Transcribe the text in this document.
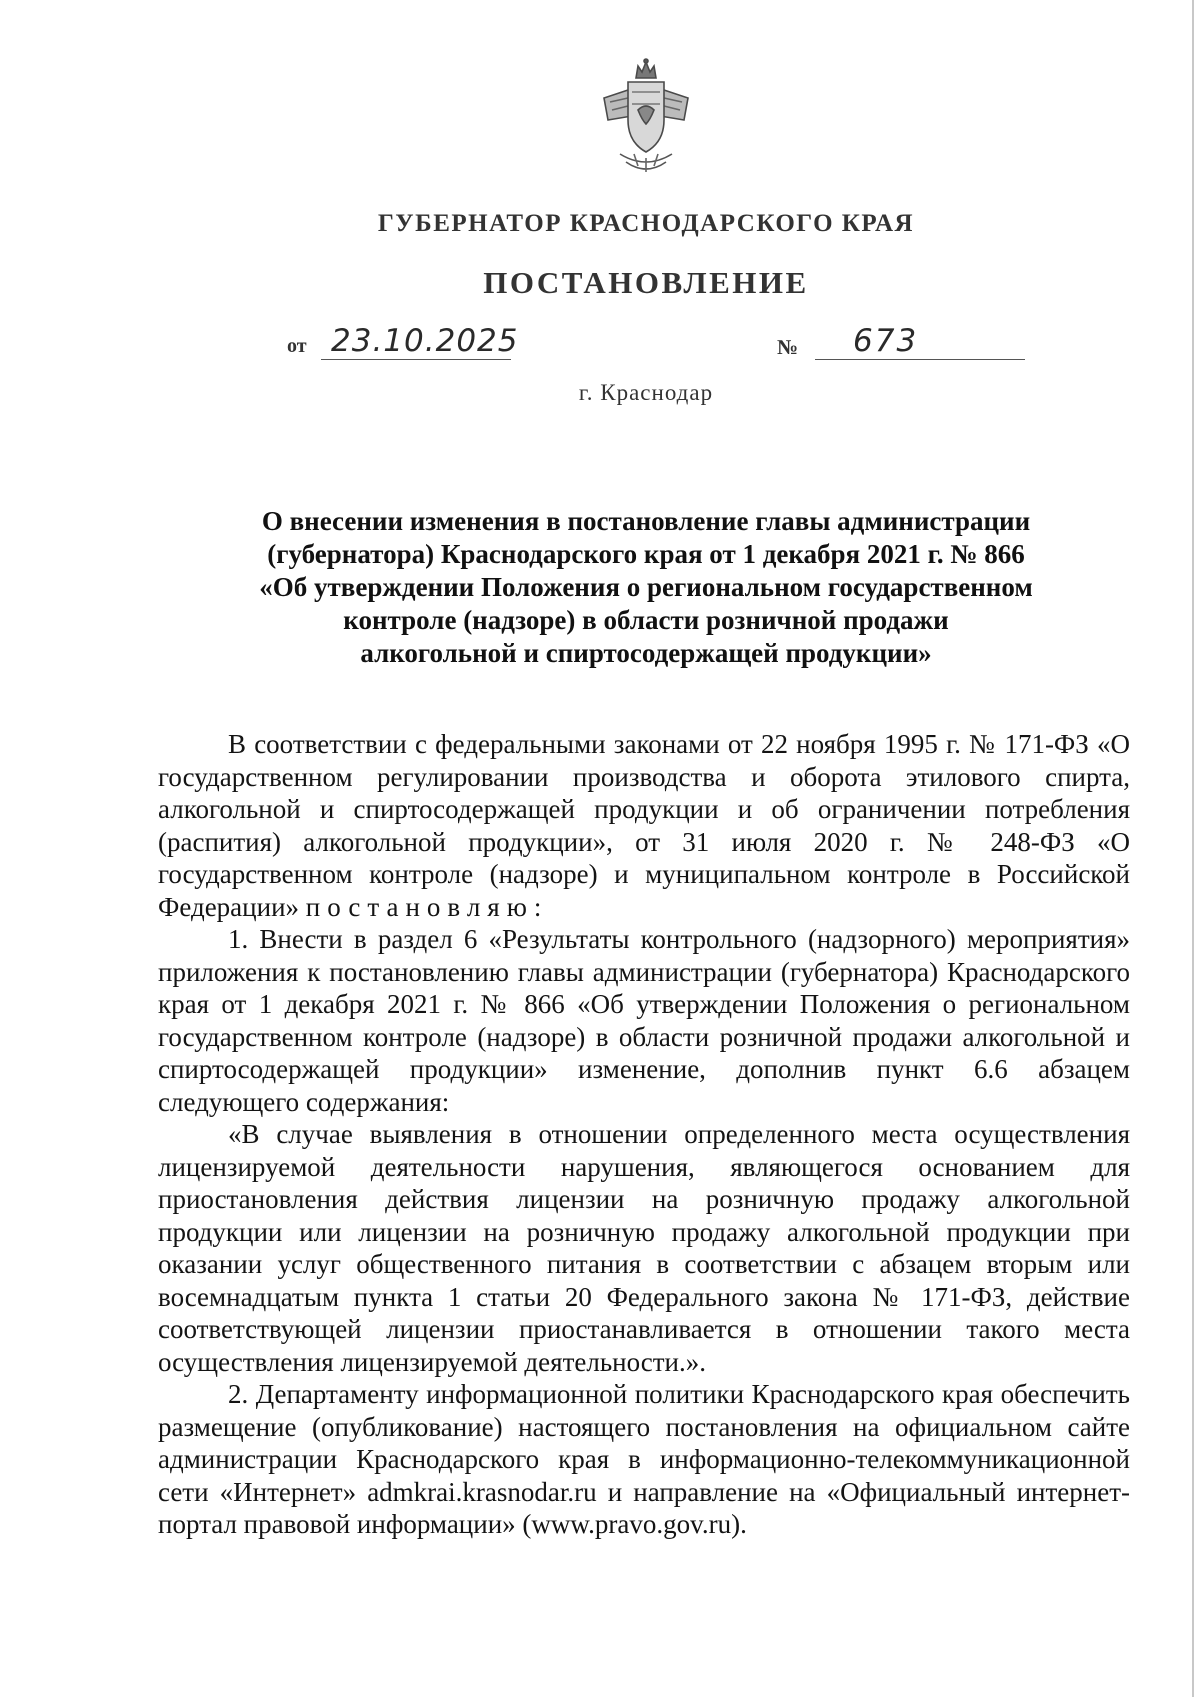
ГУБЕРНАТОР КРАСНОДАРСКОГО КРАЯ
ПОСТАНОВЛЕНИЕ
от 23.10.2025	№ 673
г. Краснодар
О внесении изменения в постановление главы администрации
(губернатора) Краснодарского края от 1 декабря 2021 г. № 866
«Об утверждении Положения о региональном государственном
контроле (надзоре) в области розничной продажи
алкогольной и спиртосодержащей продукции»

В соответствии с федеральными законами от 22 ноября 1995 г. № 171-ФЗ «О государственном регулировании производства и оборота этилового спирта, алкогольной и спиртосодержащей продукции и об ограничении потребления (распития) алкогольной продукции», от 31 июля 2020 г. № 248-ФЗ «О государственном контроле (надзоре) и муниципальном контроле в Российской Федерации» постановляю:

1. Внести в раздел 6 «Результаты контрольного (надзорного) мероприятия» приложения к постановлению главы администрации (губернатора) Краснодарского края от 1 декабря 2021 г. № 866 «Об утверждении Положения о региональном государственном контроле (надзоре) в области розничной продажи алкогольной и спиртосодержащей продукции» изменение, дополнив пункт 6.6 абзацем следующего содержания:

«В случае выявления в отношении определенного места осуществления лицензируемой деятельности нарушения, являющегося основанием для приостановления действия лицензии на розничную продажу алкогольной продукции или лицензии на розничную продажу алкогольной продукции при оказании услуг общественного питания в соответствии с абзацем вторым или восемнадцатым пункта 1 статьи 20 Федерального закона № 171-ФЗ, действие соответствующей лицензии приостанавливается в отношении такого места осуществления лицензируемой деятельности.».

2. Департаменту информационной политики Краснодарского края обеспечить размещение (опубликование) настоящего постановления на официальном сайте администрации Краснодарского края в информационно-телекоммуникационной сети «Интернет» admkrai.krasnodar.ru и направление на «Официальный интернет-портал правовой информации» (www.pravo.gov.ru).
